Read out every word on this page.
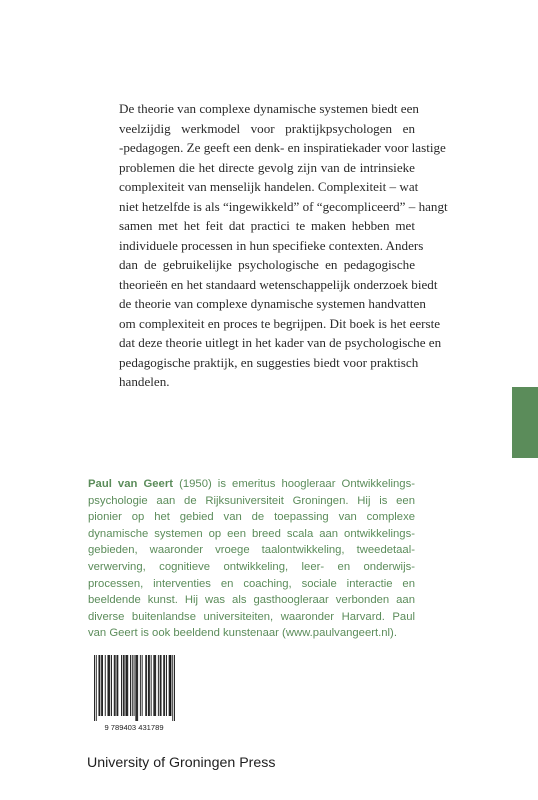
De theorie van complexe dynamische systemen biedt een
veelzijdig werkmodel voor praktijkpsychologen en
-pedagogen. Ze geeft een denk- en inspiratiekader voor lastige
problemen die het directe gevolg zijn van de intrinsieke
complexiteit van menselijk handelen. Complexiteit – wat
niet hetzelfde is als “ingewikkeld” of “gecompliceerd” – hangt
samen met het feit dat practici te maken hebben met
individuele processen in hun specifieke contexten. Anders
dan de gebruikelijke psychologische en pedagogische
theorieën en het standaard wetenschappelijk onderzoek biedt
de theorie van complexe dynamische systemen handvatten
om complexiteit en proces te begrijpen. Dit boek is het eerste
dat deze theorie uitlegt in het kader van de psychologische en
pedagogische praktijk, en suggesties biedt voor praktisch
handelen.
Paul van Geert (1950) is emeritus hoogleraar Ontwikkelings-
psychologie aan de Rijksuniversiteit Groningen. Hij is een
pionier op het gebied van de toepassing van complexe
dynamische systemen op een breed scala aan ontwikkelings-
gebieden, waaronder vroege taalontwikkeling, tweedetaal-
verwerving, cognitieve ontwikkeling, leer- en onderwijs-
processen, interventies en coaching, sociale interactie en
beeldende kunst. Hij was als gasthoogleraar verbonden aan
diverse buitenlandse universiteiten, waaronder Harvard. Paul
van Geert is ook beeldend kunstenaar (www.paulvangeert.nl).
9 789403 431789
University of Groningen Press
